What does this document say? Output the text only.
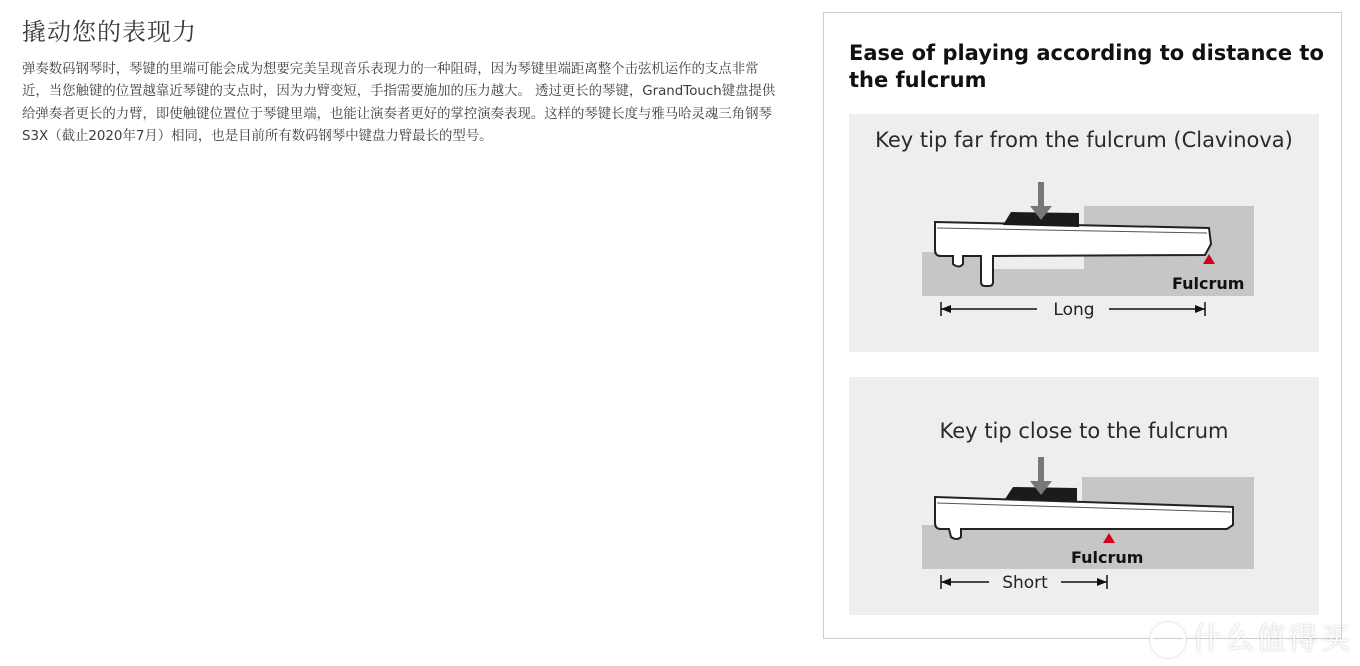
撬动您的表现力

弹奏数码钢琴时，琴键的里端可能会成为想要完美呈现音乐表现力的一种阻碍，因为琴键里端距离整个击弦机运作的支点非常近，当您触键的位置越靠近琴键的支点时，因为力臂变短，手指需要施加的压力越大。 透过更长的琴键，GrandTouch键盘提供给弹奏者更长的力臂，即使触键位置位于琴键里端，也能让演奏者更好的掌控演奏表现。这样的琴键长度与雅马哈灵魂三角钢琴S3X（截止2020年7月）相同，也是目前所有数码钢琴中键盘力臂最长的型号。

Ease of playing according to distance to the fulcrum
Key tip far from the fulcrum (Clavinova)
Fulcrum
Long
Key tip close to the fulcrum
Fulcrum
Short
什么值得买
